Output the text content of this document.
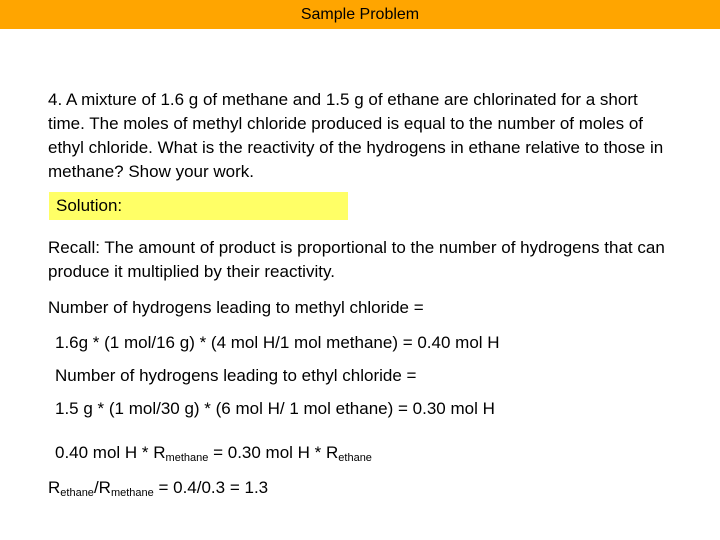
Sample Problem
4. A mixture of 1.6 g of methane and 1.5 g of ethane are chlorinated for a short time. The moles of methyl chloride produced is equal to the number of moles of ethyl chloride. What is the reactivity of the hydrogens in ethane relative to those in methane? Show your work.
Solution:
Recall: The amount of product is proportional to the number of hydrogens that can produce it multiplied by their reactivity.
Number of hydrogens leading to methyl chloride =
1.6g * (1 mol/16 g) * (4 mol H/1 mol methane) = 0.40 mol H
Number of hydrogens leading to ethyl chloride =
1.5 g * (1 mol/30 g) * (6 mol H/ 1 mol ethane) = 0.30 mol H
0.40 mol $H * R_{methane} = 0.30$ mol H * $R_{ethane}$
$R_{ethane}/R_{methane} = 0.4/0.3 = 1.3$
